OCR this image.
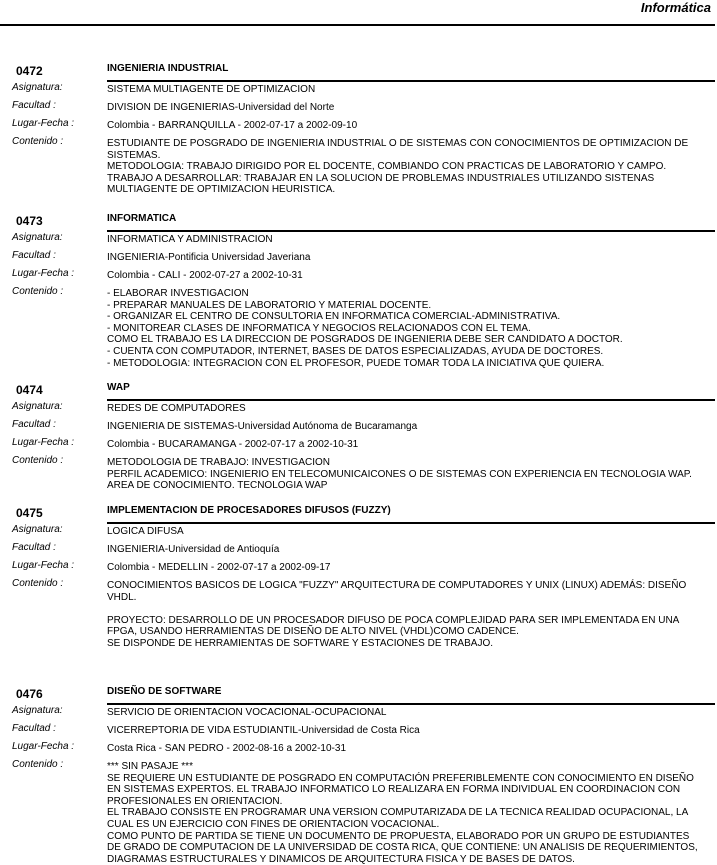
Informática
0472	INGENIERIA INDUSTRIAL
Asignatura:	SISTEMA MULTIAGENTE DE OPTIMIZACION
Facultad :	DIVISION DE INGENIERIAS-Universidad del Norte
Lugar-Fecha :	Colombia - BARRANQUILLA - 2002-07-17 a 2002-09-10
Contenido :	ESTUDIANTE DE POSGRADO DE INGENIERIA INDUSTRIAL O DE SISTEMAS CON CONOCIMIENTOS DE OPTIMIZACION DE SISTEMAS.
METODOLOGIA: TRABAJO DIRIGIDO POR EL DOCENTE, COMBIANDO CON PRACTICAS DE LABORATORIO Y CAMPO.
TRABAJO A DESARROLLAR: TRABAJAR EN LA SOLUCION DE PROBLEMAS INDUSTRIALES UTILIZANDO SISTENAS MULTIAGENTE DE OPTIMIZACION HEURISTICA.
0473	INFORMATICA
Asignatura:	INFORMATICA Y ADMINISTRACION
Facultad :	INGENIERIA-Pontificia Universidad Javeriana
Lugar-Fecha :	Colombia - CALI - 2002-07-27 a 2002-10-31
Contenido :	- ELABORAR INVESTIGACION
- PREPARAR MANUALES DE LABORATORIO Y MATERIAL DOCENTE.
- ORGANIZAR EL CENTRO DE CONSULTORIA EN INFORMATICA COMERCIAL-ADMINISTRATIVA.
- MONITOREAR CLASES DE INFORMATICA Y NEGOCIOS RELACIONADOS CON EL TEMA.
COMO EL TRABAJO ES LA DIRECCION DE POSGRADOS DE INGENIERIA DEBE SER CANDIDATO A DOCTOR.
- CUENTA CON COMPUTADOR, INTERNET, BASES DE DATOS ESPECIALIZADAS, AYUDA DE DOCTORES.
- METODOLOGIA: INTEGRACION CON EL PROFESOR, PUEDE TOMAR TODA LA INICIATIVA QUE QUIERA.
0474	WAP
Asignatura:	REDES DE COMPUTADORES
Facultad :	INGENIERIA DE SISTEMAS-Universidad Autónoma de Bucaramanga
Lugar-Fecha :	Colombia - BUCARAMANGA - 2002-07-17 a 2002-10-31
Contenido :	METODOLOGIA DE TRABAJO: INVESTIGACION
PERFIL ACADEMICO: INGENIERIO EN TELECOMUNICAICONES O DE SISTEMAS CON EXPERIENCIA EN TECNOLOGIA WAP.
AREA DE CONOCIMIENTO. TECNOLOGIA WAP
0475	IMPLEMENTACION DE PROCESADORES DIFUSOS (FUZZY)
Asignatura:	LOGICA DIFUSA
Facultad :	INGENIERIA-Universidad de Antioquía
Lugar-Fecha :	Colombia - MEDELLIN - 2002-07-17 a 2002-09-17
Contenido :	CONOCIMIENTOS BASICOS DE LOGICA "FUZZY" ARQUITECTURA DE COMPUTADORES Y UNIX (LINUX) ADEMÁS: DISEÑO VHDL.
PROYECTO: DESARROLLO DE UN PROCESADOR DIFUSO DE POCA COMPLEJIDAD PARA SER IMPLEMENTADA EN UNA FPGA, USANDO HERRAMIENTAS DE DISEÑO DE ALTO NIVEL (VHDL)COMO CADENCE.
SE DISPONDE DE HERRAMIENTAS DE SOFTWARE Y ESTACIONES DE TRABAJO.
0476	DISEÑO DE SOFTWARE
Asignatura:	SERVICIO DE ORIENTACION VOCACIONAL-OCUPACIONAL
Facultad :	VICERREPTORIA DE VIDA ESTUDIANTIL-Universidad de Costa Rica
Lugar-Fecha :	Costa Rica - SAN PEDRO - 2002-08-16 a 2002-10-31
Contenido :	*** SIN PASAJE ***
SE REQUIERE UN ESTUDIANTE DE POSGRADO EN COMPUTACIÓN PREFERIBLEMENTE CON CONOCIMIENTO EN DISEÑO EN SISTEMAS EXPERTOS. EL TRABAJO INFORMATICO LO REALIZARA EN FORMA INDIVIDUAL EN COORDINACION CON PROFESIONALES EN ORIENTACION.
EL TRABAJO CONSISTE EN PROGRAMAR UNA VERSION COMPUTARIZADA DE LA TECNICA REALIDAD OCUPACIONAL, LA CUAL ES UN EJERCICIO CON FINES DE ORIENTACION VOCACIONAL.
COMO PUNTO DE PARTIDA SE TIENE UN DOCUMENTO DE PROPUESTA, ELABORADO POR UN GRUPO DE ESTUDIANTES DE GRADO DE COMPUTACION DE LA UNIVERSIDAD DE COSTA RICA, QUE CONTIENE: UN ANALISIS DE REQUERIMIENTOS, DIAGRAMAS ESTRUCTURALES Y DINAMICOS DE ARQUITECTURA FISICA Y DE BASES DE DATOS.
